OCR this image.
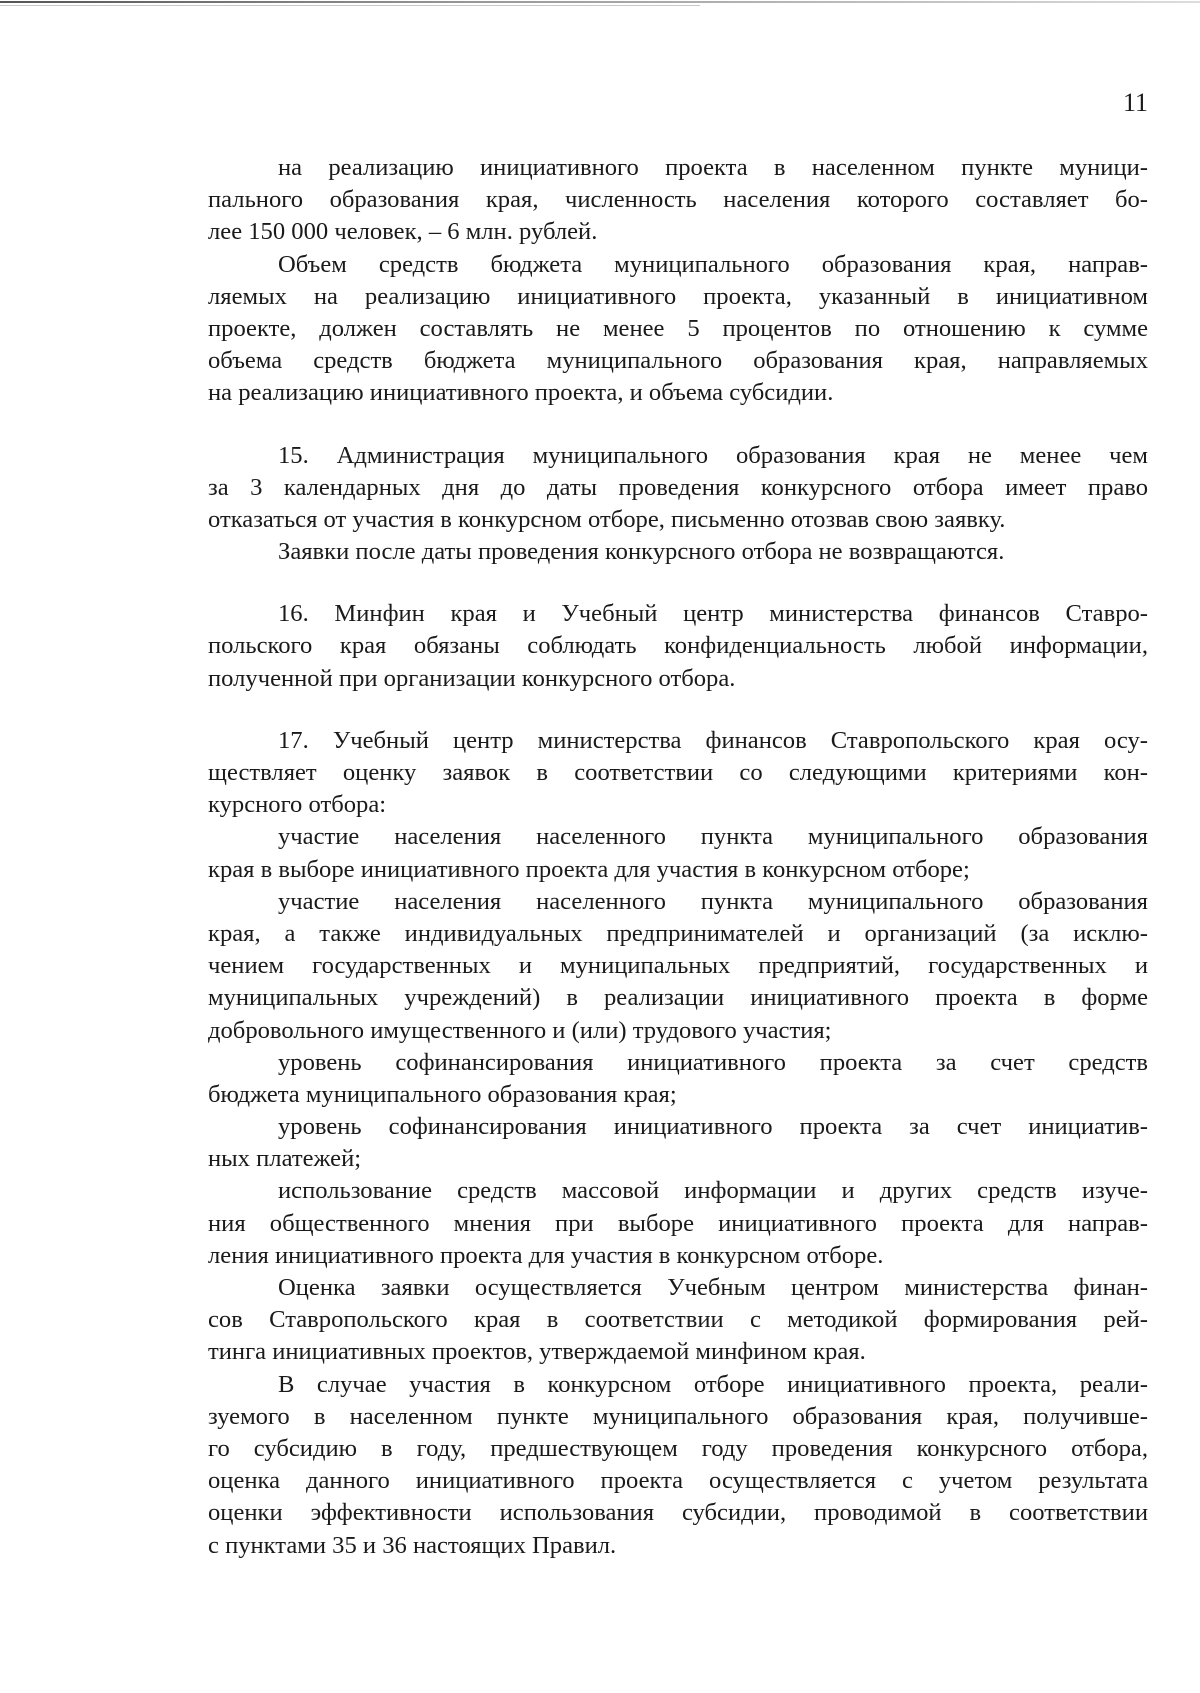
11
на реализацию инициативного проекта в населенном пункте муници-
пального образования края, численность населения которого составляет бо-
лее 150 000 человек, – 6 млн. рублей.
Объем средств бюджета муниципального образования края, направ-
ляемых на реализацию инициативного проекта, указанный в инициативном
проекте, должен составлять не менее 5 процентов по отношению к сумме
объема средств бюджета муниципального образования края, направляемых
на реализацию инициативного проекта, и объема субсидии.
15. Администрация муниципального образования края не менее чем
за 3 календарных дня до даты проведения конкурсного отбора имеет право
отказаться от участия в конкурсном отборе, письменно отозвав свою заявку.
Заявки после даты проведения конкурсного отбора не возвращаются.
16. Минфин края и Учебный центр министерства финансов Ставро-
польского края обязаны соблюдать конфиденциальность любой информации,
полученной при организации конкурсного отбора.
17. Учебный центр министерства финансов Ставропольского края осу-
ществляет оценку заявок в соответствии со следующими критериями кон-
курсного отбора:
участие населения населенного пункта муниципального образования
края в выборе инициативного проекта для участия в конкурсном отборе;
участие населения населенного пункта муниципального образования
края, а также индивидуальных предпринимателей и организаций (за исклю-
чением государственных и муниципальных предприятий, государственных и
муниципальных учреждений) в реализации инициативного проекта в форме
добровольного имущественного и (или) трудового участия;
уровень софинансирования инициативного проекта за счет средств
бюджета муниципального образования края;
уровень софинансирования инициативного проекта за счет инициатив-
ных платежей;
использование средств массовой информации и других средств изуче-
ния общественного мнения при выборе инициативного проекта для направ-
ления инициативного проекта для участия в конкурсном отборе.
Оценка заявки осуществляется Учебным центром министерства финан-
сов Ставропольского края в соответствии с методикой формирования рей-
тинга инициативных проектов, утверждаемой минфином края.
В случае участия в конкурсном отборе инициативного проекта, реали-
зуемого в населенном пункте муниципального образования края, получивше-
го субсидию в году, предшествующем году проведения конкурсного отбора,
оценка данного инициативного проекта осуществляется с учетом результата
оценки эффективности использования субсидии, проводимой в соответствии
с пунктами 35 и 36 настоящих Правил.
